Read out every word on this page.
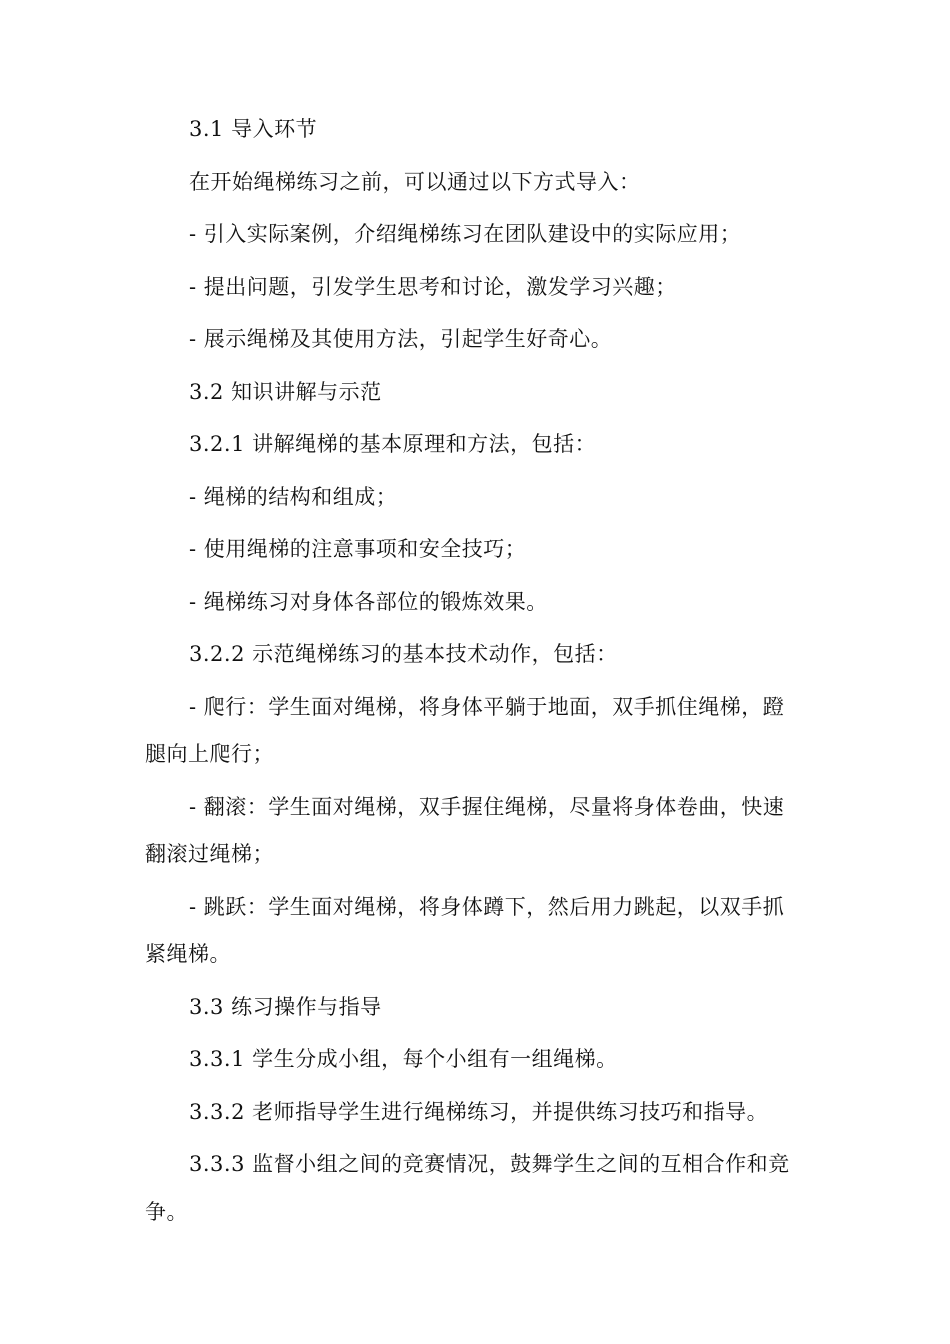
3.1 导入环节

在开始绳梯练习之前，可以通过以下方式导入：

- 引入实际案例，介绍绳梯练习在团队建设中的实际应用；

- 提出问题，引发学生思考和讨论，激发学习兴趣；

- 展示绳梯及其使用方法，引起学生好奇心。

3.2 知识讲解与示范

3.2.1 讲解绳梯的基本原理和方法，包括：

- 绳梯的结构和组成；

- 使用绳梯的注意事项和安全技巧；

- 绳梯练习对身体各部位的锻炼效果。

3.2.2 示范绳梯练习的基本技术动作，包括：

- 爬行：学生面对绳梯，将身体平躺于地面，双手抓住绳梯，蹬腿向上爬行；

- 翻滚：学生面对绳梯，双手握住绳梯，尽量将身体卷曲，快速翻滚过绳梯；

- 跳跃：学生面对绳梯，将身体蹲下，然后用力跳起，以双手抓紧绳梯。

3.3 练习操作与指导

3.3.1 学生分成小组，每个小组有一组绳梯。

3.3.2 老师指导学生进行绳梯练习，并提供练习技巧和指导。

3.3.3 监督小组之间的竞赛情况，鼓舞学生之间的互相合作和竞争。
